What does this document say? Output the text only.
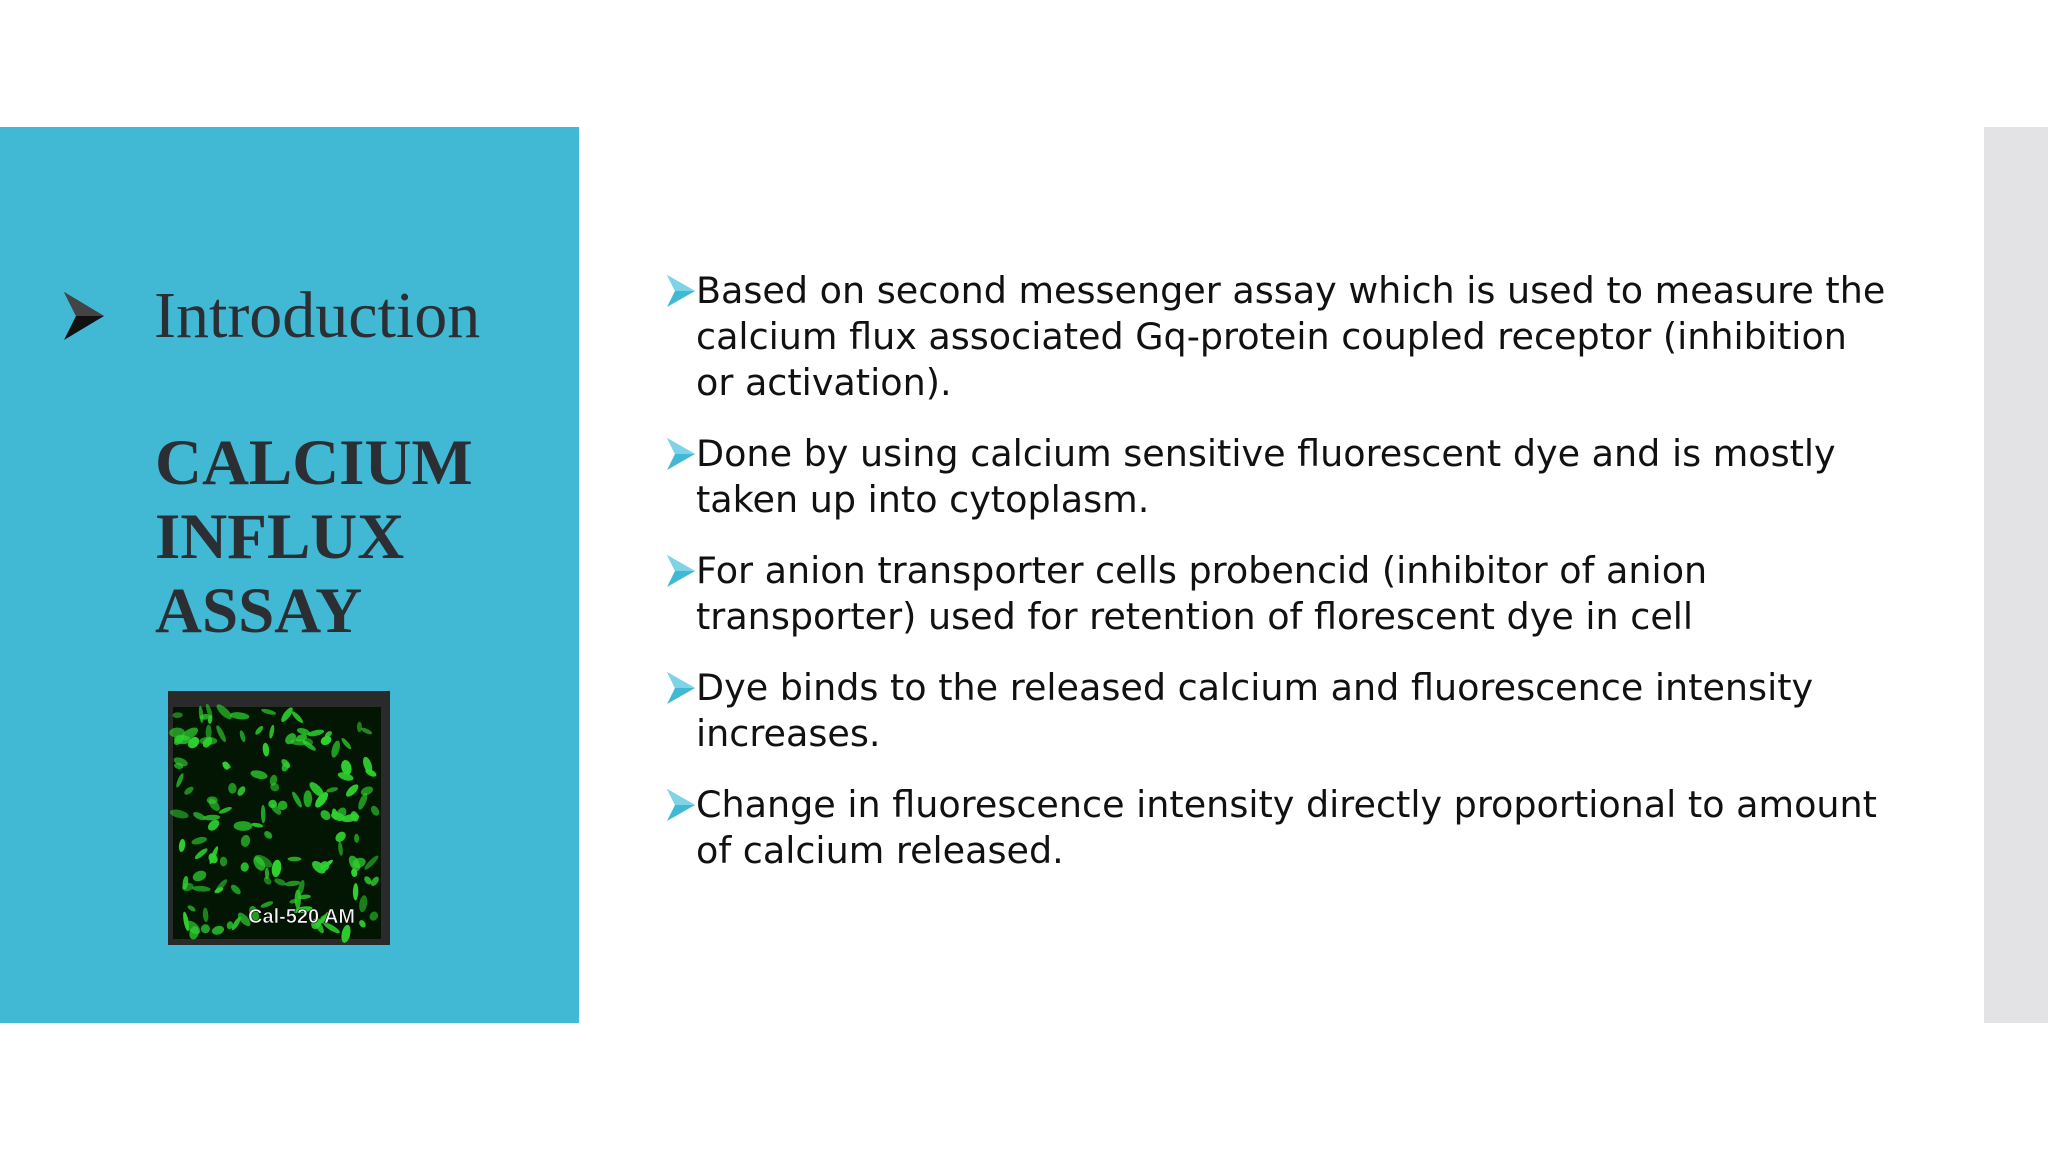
Introduction
CALCIUM
INFLUX
ASSAY
Cal-520 AM
Based on second messenger assay which is used to measure the calcium flux associated Gq-protein coupled receptor (inhibition or activation).
Done by using calcium sensitive fluorescent dye and is mostly taken up into cytoplasm.
For anion transporter cells probencid (inhibitor of anion transporter) used for retention of florescent dye in cell
Dye binds to the released calcium and fluorescence intensity increases.
Change in fluorescence intensity directly proportional to amount of calcium released.
